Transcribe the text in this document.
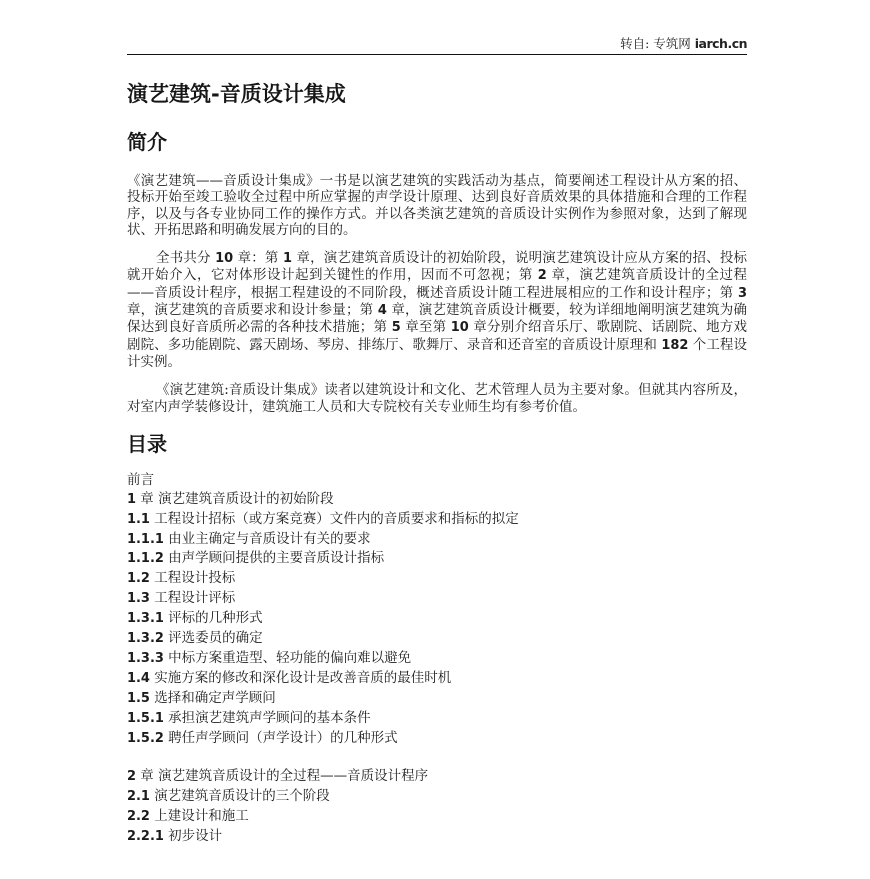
转自: 专筑网 iarch.cn
演艺建筑-音质设计集成
简介

《演艺建筑——音质设计集成》一书是以演艺建筑的实践活动为基点，简要阐述工程设计从方案的招、投标开始至竣工验收全过程中所应掌握的声学设计原理、达到良好音质效果的具体措施和合理的工作程序，以及与各专业协同工作的操作方式。并以各类演艺建筑的音质设计实例作为参照对象，达到了解现状、开拓思路和明确发展方向的目的。

全书共分 10 章：第 1 章，演艺建筑音质设计的初始阶段，说明演艺建筑设计应从方案的招、投标就开始介入，它对体形设计起到关键性的作用，因而不可忽视；第 2 章，演艺建筑音质设计的全过程——音质设计程序，根据工程建设的不同阶段，概述音质设计随工程进展相应的工作和设计程序；第 3 章，演艺建筑的音质要求和设计参量；第 4 章，演艺建筑音质设计概要，较为详细地阐明演艺建筑为确保达到良好音质所必需的各种技术措施；第 5 章至第 10 章分别介绍音乐厅、歌剧院、话剧院、地方戏剧院、多功能剧院、露天剧场、琴房、排练厅、歌舞厅、录音和还音室的音质设计原理和 182 个工程设计实例。

《演艺建筑:音质设计集成》读者以建筑设计和文化、艺术管理人员为主要对象。但就其内容所及，对室内声学装修设计，建筑施工人员和大专院校有关专业师生均有参考价值。

目录
前言
1 章 演艺建筑音质设计的初始阶段
1.1 工程设计招标（或方案竞赛）文件内的音质要求和指标的拟定
1.1.1 由业主确定与音质设计有关的要求
1.1.2 由声学顾问提供的主要音质设计指标
1.2 工程设计投标
1.3 工程设计评标
1.3.1 评标的几种形式
1.3.2 评选委员的确定
1.3.3 中标方案重造型、轻功能的偏向难以避免
1.4 实施方案的修改和深化设计是改善音质的最佳时机
1.5 选择和确定声学顾问
1.5.1 承担演艺建筑声学顾问的基本条件
1.5.2 聘任声学顾问（声学设计）的几种形式

2 章 演艺建筑音质设计的全过程——音质设计程序
2.1 演艺建筑音质设计的三个阶段
2.2 上建设计和施工
2.2.1 初步设计
